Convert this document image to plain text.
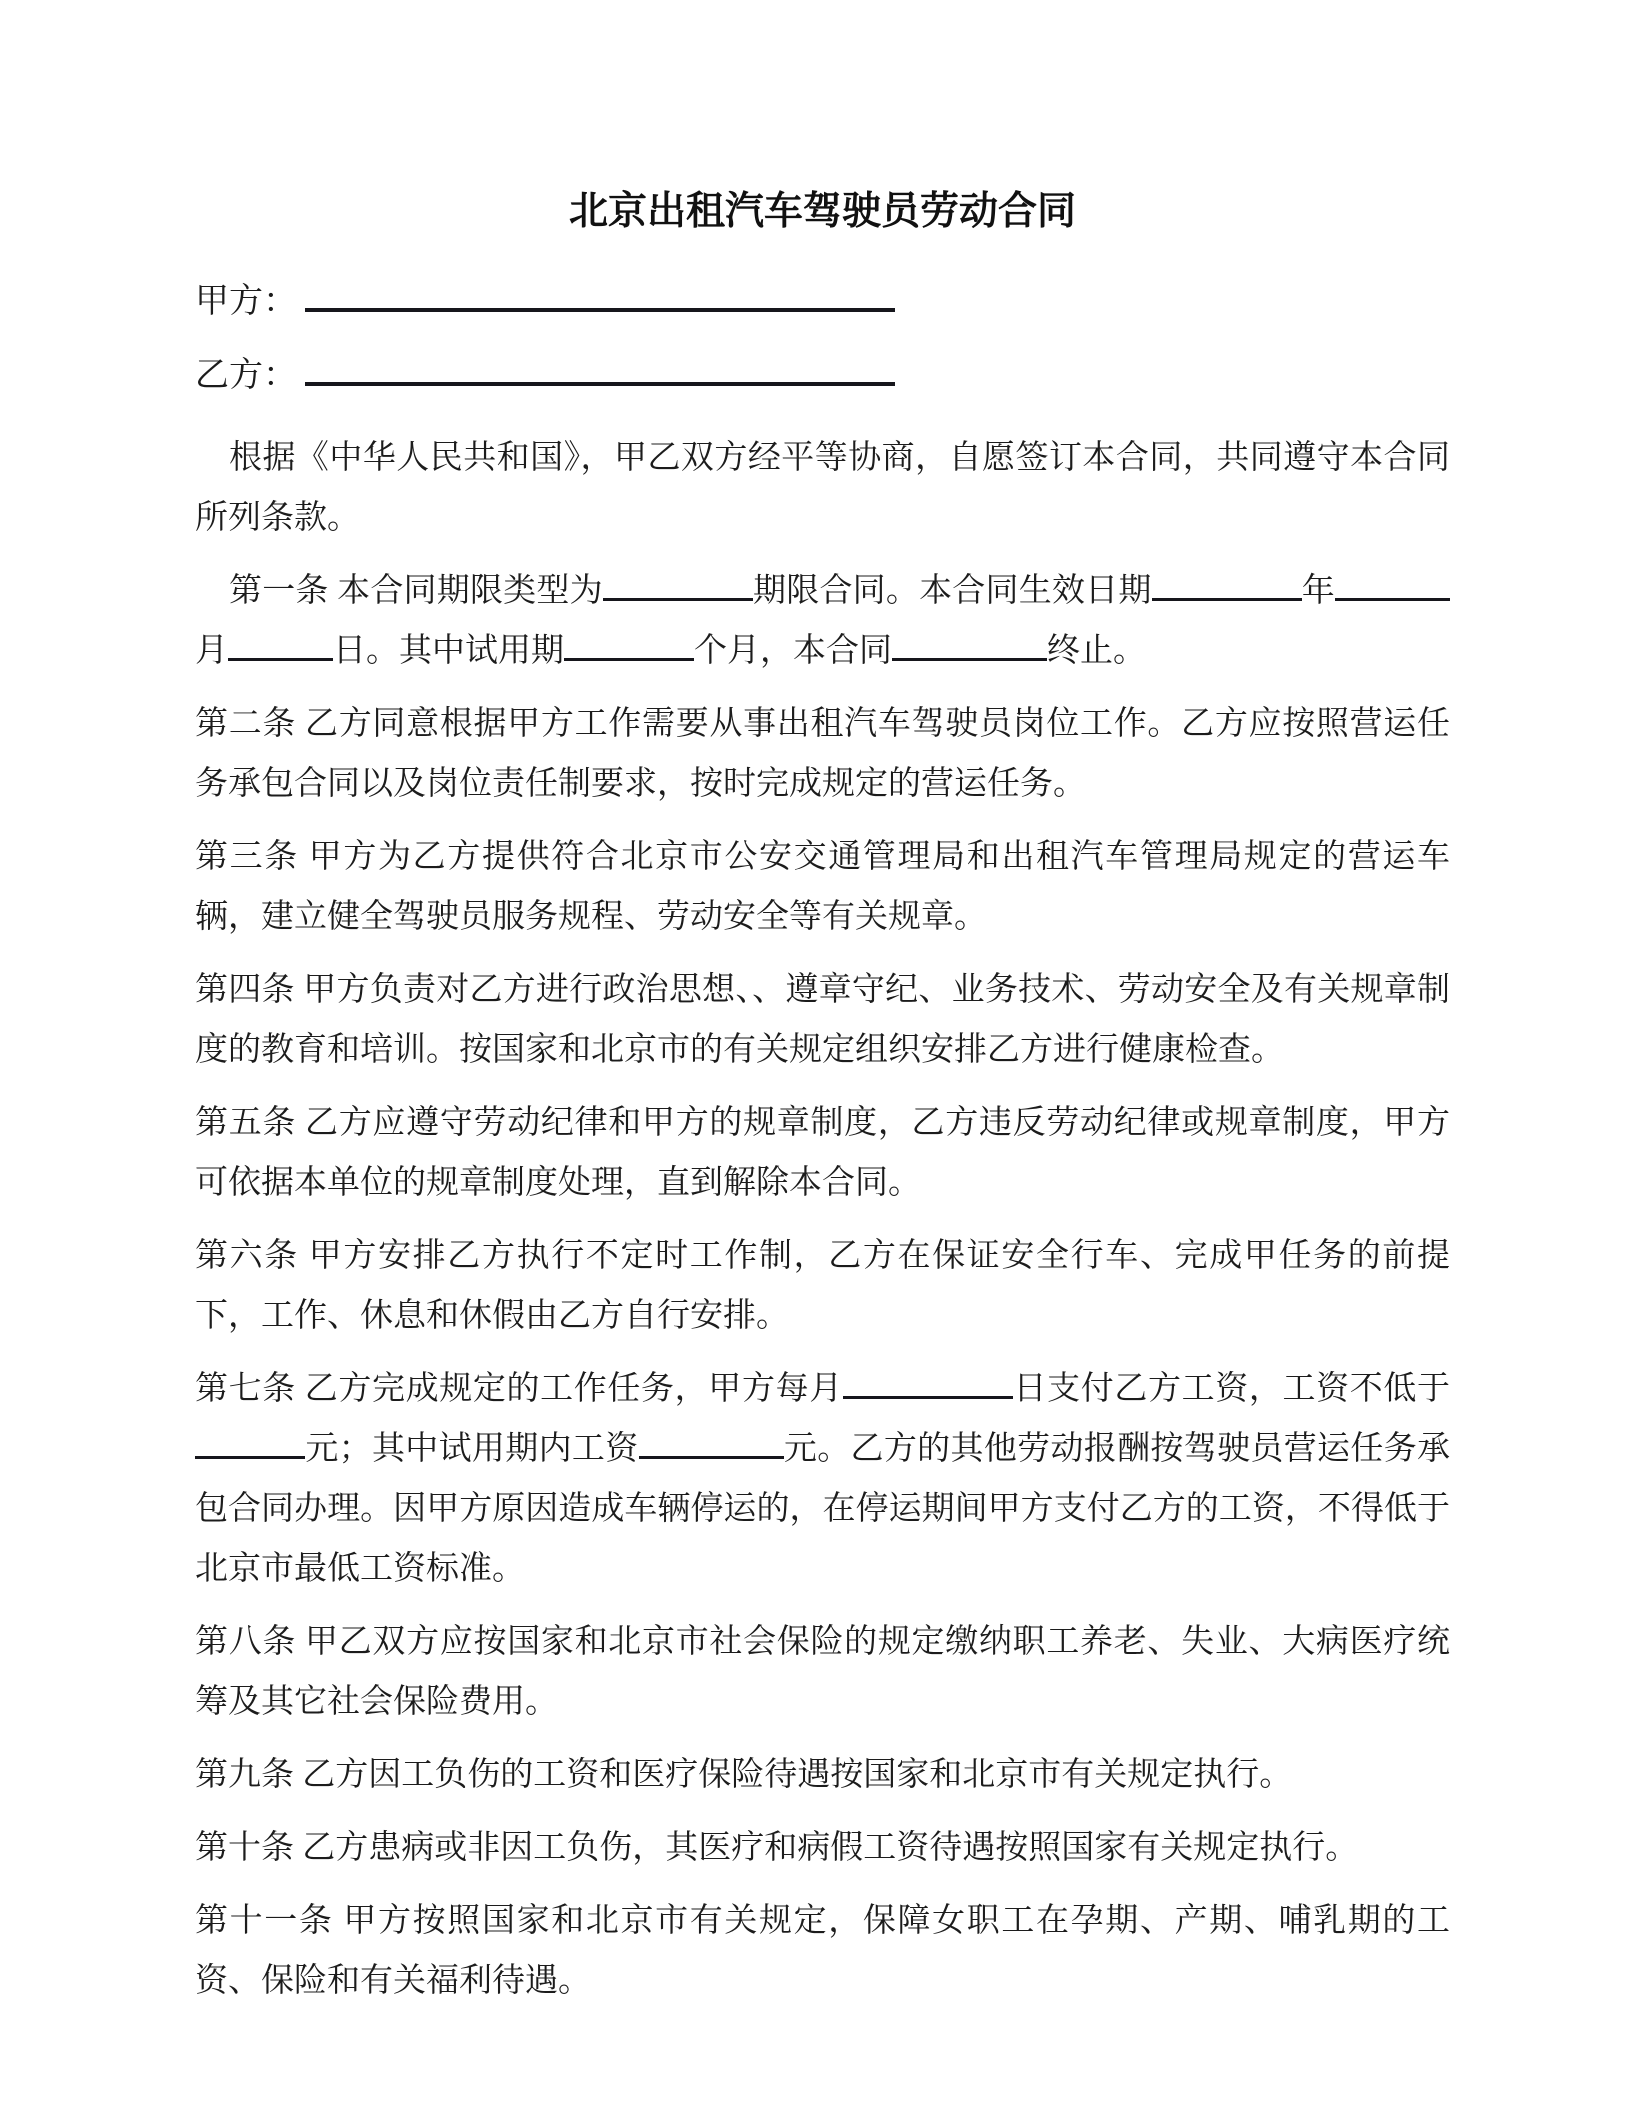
北京出租汽车驾驶员劳动合同
甲方：
乙方：

根据《中华人民共和国》，甲乙双方经平等协商，自愿签订本合同，共同遵守本合同所列条款。

第一条 本合同期限类型为	期限合同。本合同生效日期	年月	日。其中试用期	个月，本合同	终止。

第二条 乙方同意根据甲方工作需要从事出租汽车驾驶员岗位工作。乙方应按照营运任务承包合同以及岗位责任制要求，按时完成规定的营运任务。

第三条 甲方为乙方提供符合北京市公安交通管理局和出租汽车管理局规定的营运车辆，建立健全驾驶员服务规程、劳动安全等有关规章。

第四条 甲方负责对乙方进行政治思想、、遵章守纪、业务技术、劳动安全及有关规章制度的教育和培训。按国家和北京市的有关规定组织安排乙方进行健康检查。

第五条 乙方应遵守劳动纪律和甲方的规章制度，乙方违反劳动纪律或规章制度，甲方可依据本单位的规章制度处理，直到解除本合同。

第六条 甲方安排乙方执行不定时工作制，乙方在保证安全行车、完成甲任务的前提下，工作、休息和休假由乙方自行安排。

第七条 乙方完成规定的工作任务，甲方每月	日支付乙方工资，工资不低于元；其中试用期内工资	元。乙方的其他劳动报酬按驾驶员营运任务承包合同办理。因甲方原因造成车辆停运的，在停运期间甲方支付乙方的工资，不得低于北京市最低工资标准。

第八条 甲乙双方应按国家和北京市社会保险的规定缴纳职工养老、失业、大病医疗统筹及其它社会保险费用。

第九条 乙方因工负伤的工资和医疗保险待遇按国家和北京市有关规定执行。

第十条 乙方患病或非因工负伤，其医疗和病假工资待遇按照国家有关规定执行。

第十一条 甲方按照国家和北京市有关规定，保障女职工在孕期、产期、哺乳期的工资、保险和有关福利待遇。
